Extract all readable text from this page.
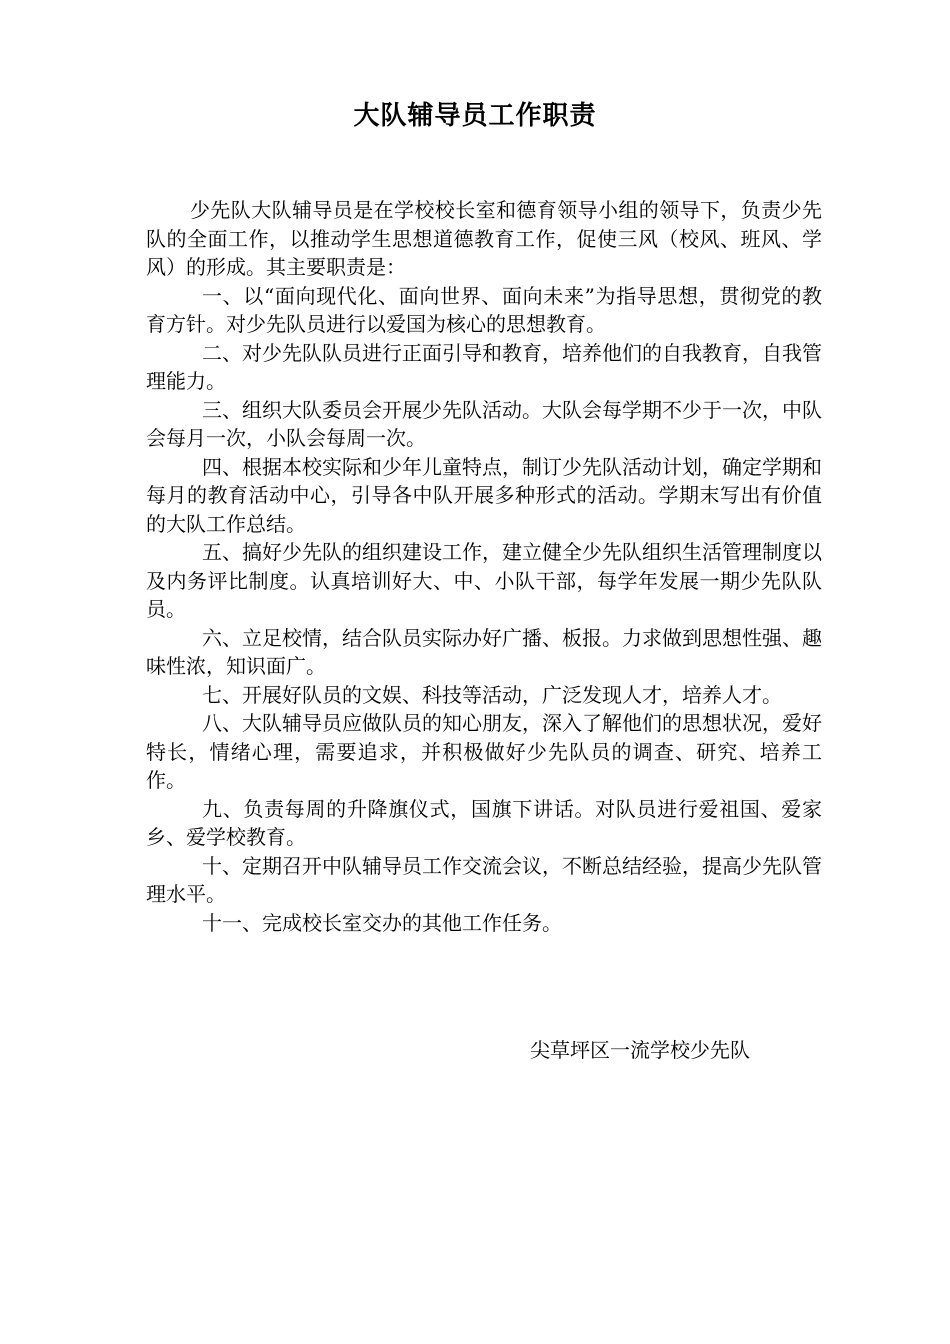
大队辅导员工作职责

少先队大队辅导员是在学校校长室和德育领导小组的领导下，负责少先队的全面工作，以推动学生思想道德教育工作，促使三风（校风、班风、学风）的形成。其主要职责是：

一、以“面向现代化、面向世界、面向未来”为指导思想，贯彻党的教育方针。对少先队员进行以爱国为核心的思想教育。

二、对少先队队员进行正面引导和教育，培养他们的自我教育，自我管理能力。

三、组织大队委员会开展少先队活动。大队会每学期不少于一次，中队会每月一次，小队会每周一次。

四、根据本校实际和少年儿童特点，制订少先队活动计划，确定学期和每月的教育活动中心，引导各中队开展多种形式的活动。学期末写出有价值的大队工作总结。

五、搞好少先队的组织建设工作，建立健全少先队组织生活管理制度以及内务评比制度。认真培训好大、中、小队干部，每学年发展一期少先队队员。

六、立足校情，结合队员实际办好广播、板报。力求做到思想性强、趣味性浓，知识面广。

七、开展好队员的文娱、科技等活动，广泛发现人才，培养人才。

八、大队辅导员应做队员的知心朋友，深入了解他们的思想状况，爱好特长，情绪心理，需要追求，并积极做好少先队员的调查、研究、培养工作。

九、负责每周的升降旗仪式，国旗下讲话。对队员进行爱祖国、爱家乡、爱学校教育。

十、定期召开中队辅导员工作交流会议，不断总结经验，提高少先队管理水平。

十一、完成校长室交办的其他工作任务。

尖草坪区一流学校少先队
